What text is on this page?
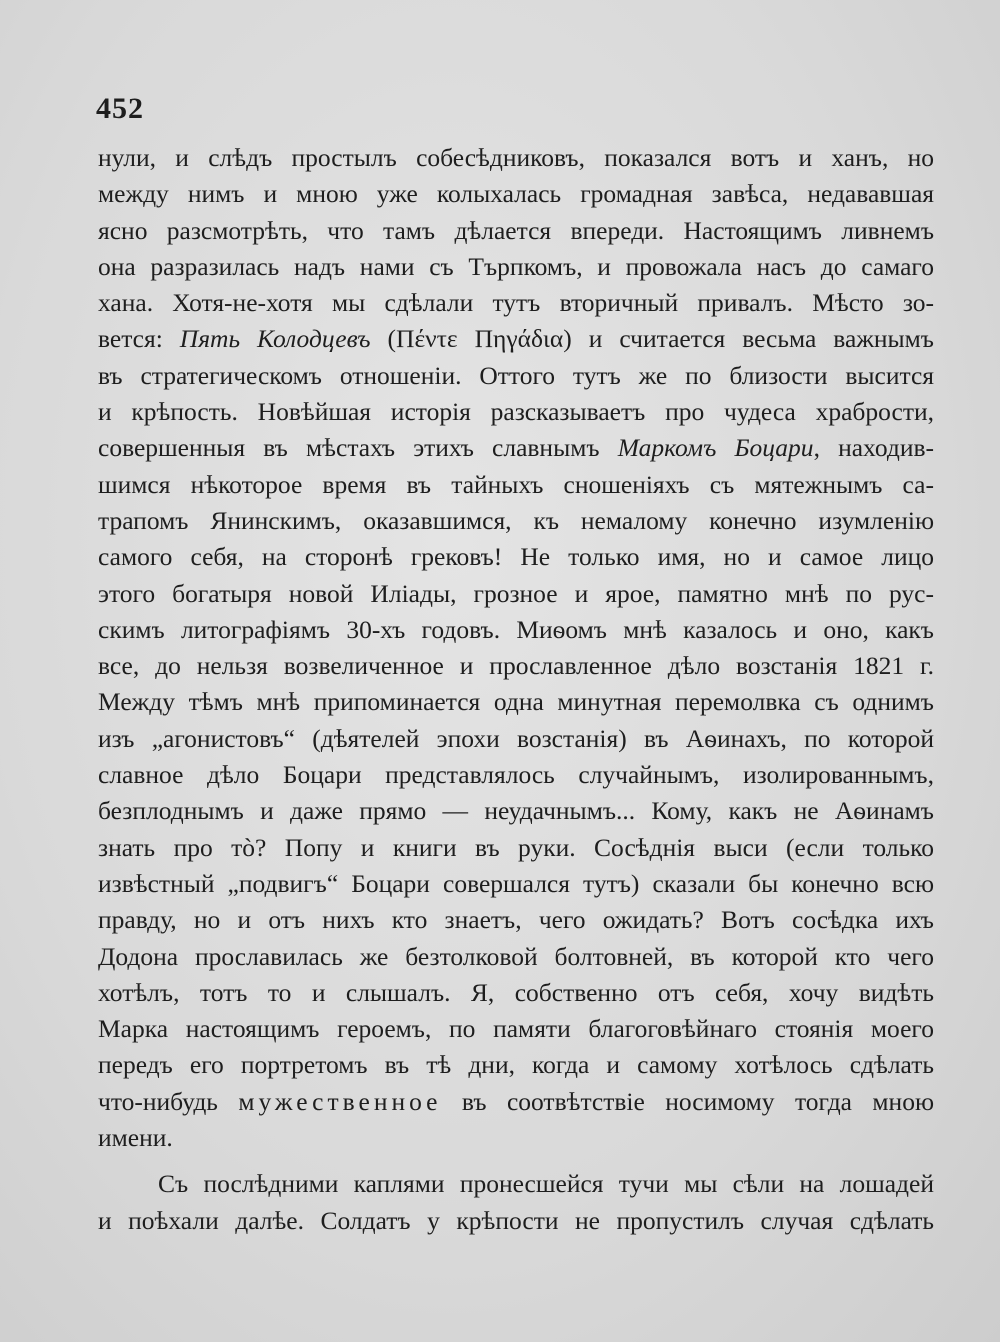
452
нули, и слѣдъ простылъ собесѣдниковъ, показался вотъ и ханъ, но
между нимъ и мною уже колыхалась громадная завѣса, недававшая
ясно разсмотрѣть, что тамъ дѣлается впереди. Настоящимъ ливнемъ
она разразилась надъ нами съ Търпкомъ, и провожала насъ до самаго
хана. Хотя-не-хотя мы сдѣлали тутъ вторичный привалъ. Мѣсто зо-
вется: Пять Колодцевъ (Πέντε Πηγάδια) и считается весьма важнымъ
въ стратегическомъ отношенiи. Оттого тутъ же по близости высится
и крѣпость. Новѣйшая исторiя разсказываетъ про чудеса храбрости,
совершенныя въ мѣстахъ этихъ славнымъ Маркомъ Боцари, находив-
шимся нѣкоторое время въ тайныхъ сношенiяхъ съ мятежнымъ са-
трапомъ Янинскимъ, оказавшимся, къ немалому конечно изумленiю
самого себя, на сторонѣ грековъ! Не только имя, но и самое лицо
этого богатыря новой Илiады, грозное и ярое, памятно мнѣ по рус-
скимъ литографiямъ 30-хъ годовъ. Миѳомъ мнѣ казалось и оно, какъ
все, до нельзя возвеличенное и прославленное дѣло возстанiя 1821 г.
Между тѣмъ мнѣ припоминается одна минутная перемолвка съ однимъ
изъ „агонистовъ“ (дѣятелей эпохи возстанiя) въ Аѳинахъ, по которой
славное дѣло Боцари представлялось случайнымъ, изолированнымъ,
безплоднымъ и даже прямо — неудачнымъ... Кому, какъ не Аѳинамъ
знать про тò? Попу и книги въ руки. Сосѣднiя выси (если только
извѣстный „подвигъ“ Боцари совершался тутъ) сказали бы конечно всю
правду, но и отъ нихъ кто знаетъ, чего ожидать? Вотъ сосѣдка ихъ
Додона прославилась же безтолковой болтовней, въ которой кто чего
хотѣлъ, тотъ то и слышалъ. Я, собственно отъ себя, хочу видѣть
Марка настоящимъ героемъ, по памяти благоговѣйнаго стоянiя моего
передъ его портретомъ въ тѣ дни, когда и самому хотѣлось сдѣлать
что-нибудь мужественное въ соотвѣтствiе носимому тогда мною
имени.
Съ послѣдними каплями пронесшейся тучи мы сѣли на лошадей
и поѣхали далѣе. Солдатъ у крѣпости не пропустилъ случая сдѣлать
